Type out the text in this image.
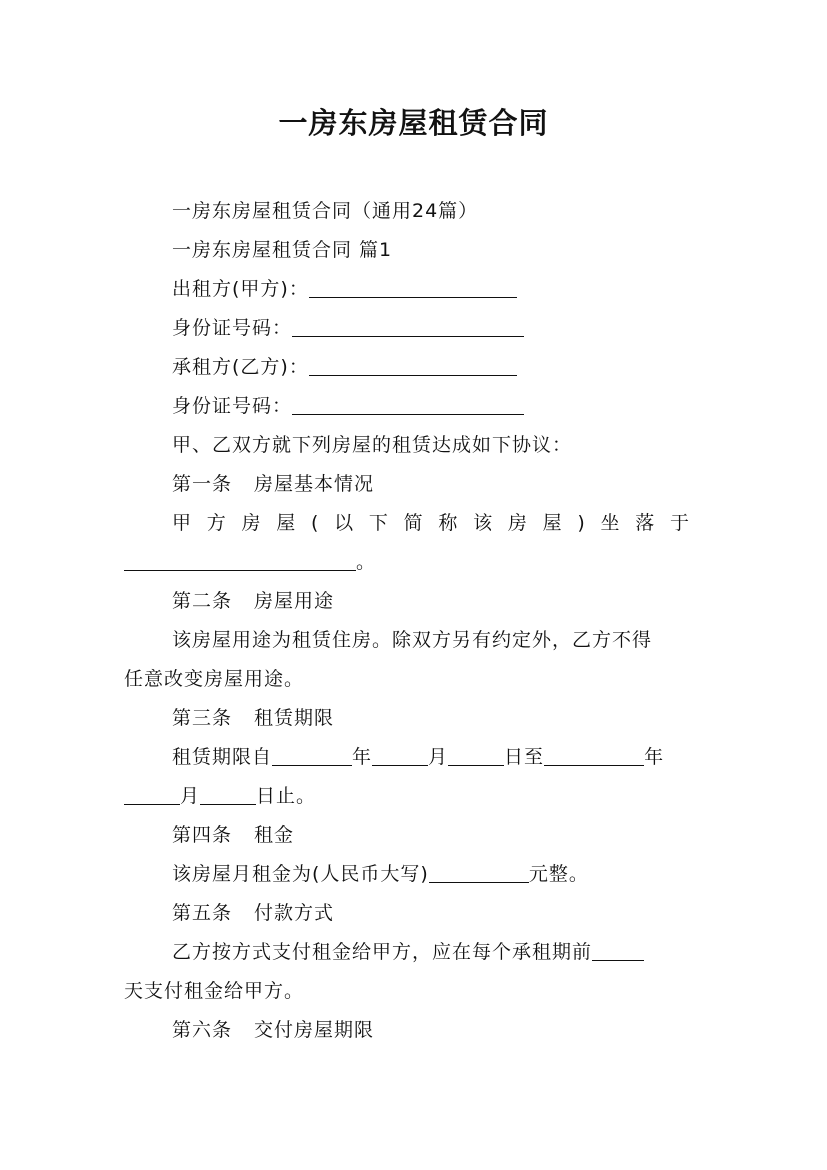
一房东房屋租赁合同
一房东房屋租赁合同（通用24篇）
一房东房屋租赁合同 篇1
出租方(甲方)：
身份证号码：
承租方(乙方)：
身份证号码：
甲、乙双方就下列房屋的租赁达成如下协议：
第一条 房屋基本情况
甲方房屋(以下简称该房屋)坐落于
。
第二条 房屋用途
该房屋用途为租赁住房。除双方另有约定外，乙方不得
任意改变房屋用途。
第三条 租赁期限
租赁期限自	年	月	日至	年
月	日止。
第四条 租金
该房屋月租金为(人民币大写)	元整。
第五条 付款方式
乙方按方式支付租金给甲方，应在每个承租期前
天支付租金给甲方。
第六条 交付房屋期限
